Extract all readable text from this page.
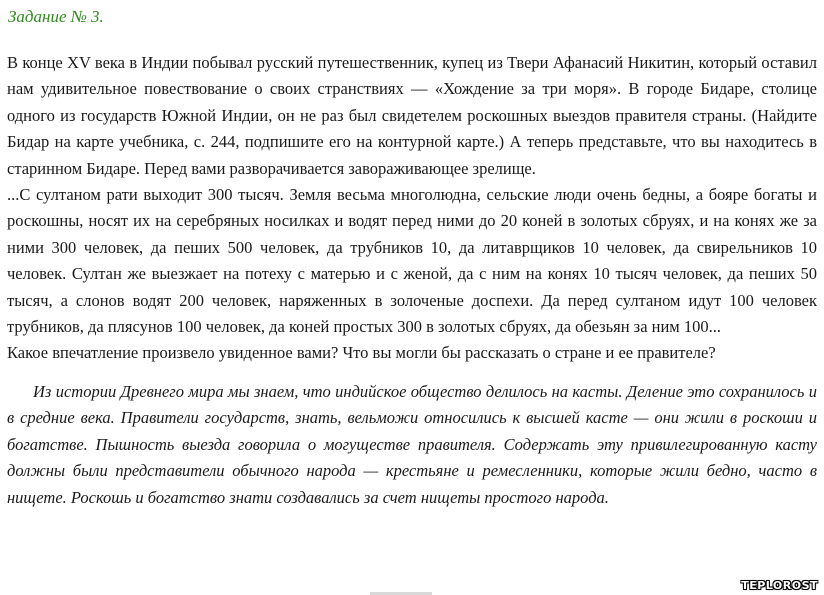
Задание № 3.

В конце XV века в Индии побывал русский путешественник, купец из Твери Афанасий Никитин, который оставил нам удивительное повествование о своих странствиях — «Хождение за три моря». В городе Бидаре, столице одного из государств Южной Индии, он не раз был свидетелем роскошных выездов правителя страны. (Найдите Бидар на карте учебника, с. 244, подпишите его на контурной карте.) А теперь представьте, что вы находитесь в старинном Бидаре. Перед вами разворачивается завораживающее зрелище.

...С султаном рати выходит 300 тысяч. Земля весьма многолюдна, сельские люди очень бедны, а бояре богаты и роскошны, носят их на серебряных носилках и водят перед ними до 20 коней в золотых сбруях, и на конях же за ними 300 человек, да пеших 500 человек, да трубников 10, да литаврщиков 10 человек, да свирельников 10 человек. Султан же выезжает на потеху с матерью и с женой, да с ним на конях 10 тысяч человек, да пеших 50 тысяч, а слонов водят 200 человек, наряженных в золоченые доспехи. Да перед султаном идут 100 человек трубников, да плясунов 100 человек, да коней простых 300 в золотых сбруях, да обезьян за ним 100...

Какое впечатление произвело увиденное вами? Что вы могли бы рассказать о стране и ее правителе?

Из истории Древнего мира мы знаем, что индийское общество делилось на касты. Деление это сохранилось и в средние века. Правители государств, знать, вельможи относились к высшей касте — они жили в роскоши и богатстве. Пышность выезда говорила о могуществе правителя. Содержать эту привилегированную касту должны были представители обычного народа — крестьяне и ремесленники, которые жили бедно, часто в нищете. Роскошь и богатство знати создавались за счет нищеты простого народа.

TEPLOROST
